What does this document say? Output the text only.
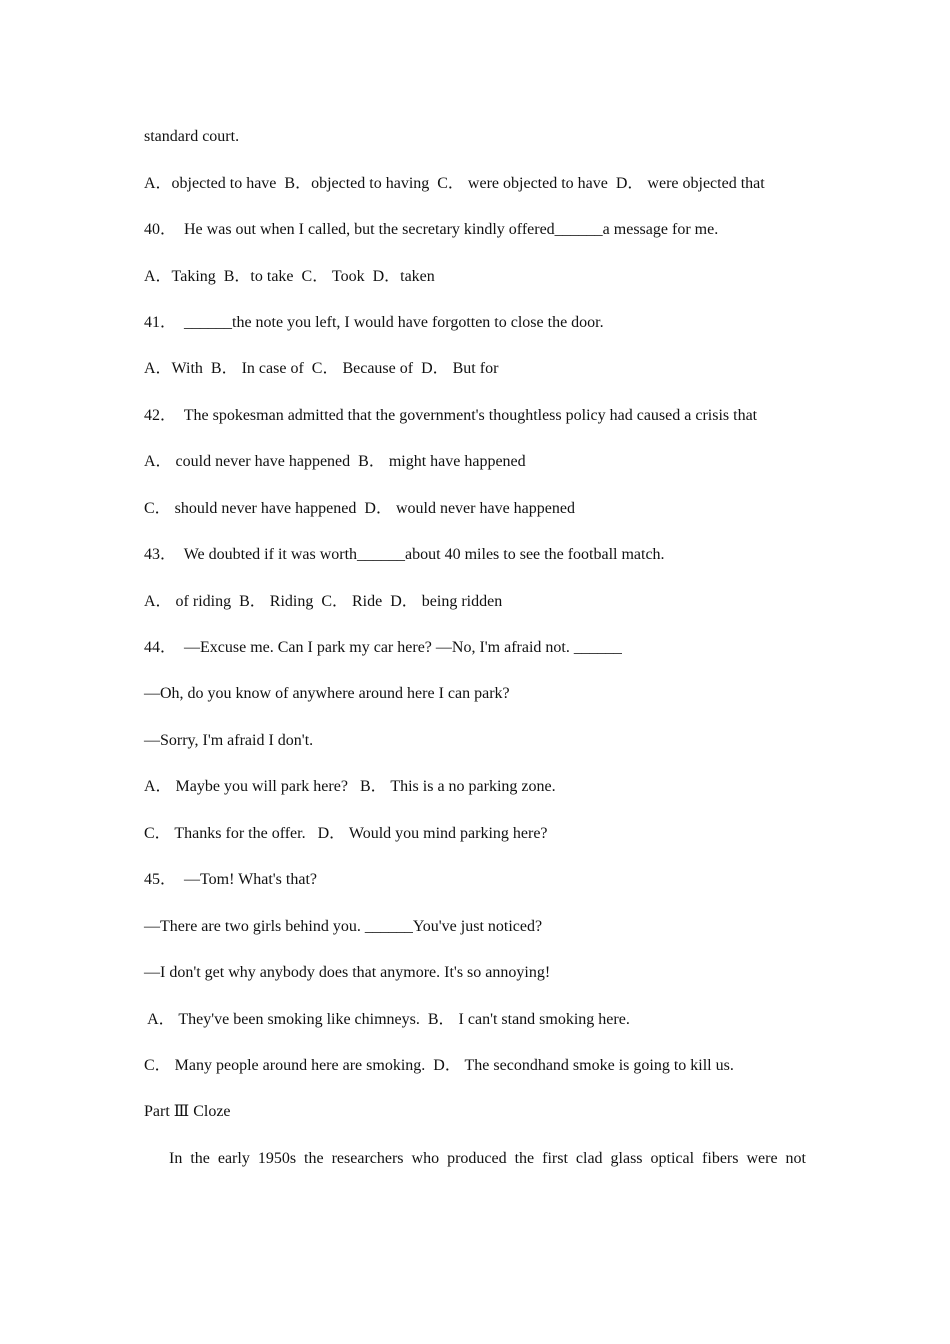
standard court.
A．objected to have  B．objected to having  C． were objected to have  D． were objected that
40．  He was out when I called, but the secretary kindly offered______a message for me.
A．Taking  B．to take  C． Took  D．taken
41．  ______the note you left, I would have forgotten to close the door.
A．With  B． In case of  C． Because of  D． But for
42．  The spokesman admitted that the government's thoughtless policy had caused a crisis that
A． could never have happened  B． might have happened
C． should never have happened  D． would never have happened
43．  We doubted if it was worth______about 40 miles to see the football match.
A． of riding  B． Riding  C． Ride  D． being ridden
44．  —Excuse me. Can I park my car here? —No, I'm afraid not. ______
—Oh, do you know of anywhere around here I can park?
—Sorry, I'm afraid I don't.
A． Maybe you will park here?   B． This is a no parking zone.
C． Thanks for the offer.   D． Would you mind parking here?
45．  —Tom! What's that?
—There are two girls behind you. ______You've just noticed?
—I don't get why anybody does that anymore. It's so annoying!
A． They've been smoking like chimneys.  B． I can't stand smoking here.
C． Many people around here are smoking.  D． The secondhand smoke is going to kill us.
Part Ⅲ Cloze
In the early 1950s the researchers who produced the first clad glass optical fibers were not
